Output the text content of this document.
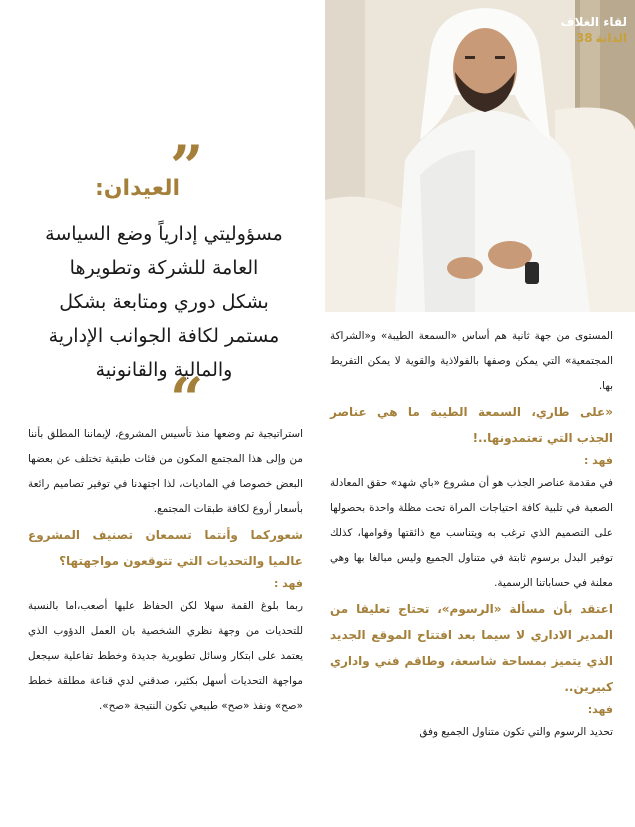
لقاء الغلاف
الدانة38
”
العيدان:
مسؤوليتي إدارياً وضع السياسة
العامة للشركة وتطويرها
بشكل دوري ومتابعة بشكل
مستمر لكافة الجوانب الإدارية
والمالية والقانونية
“

المستوى من جهة ثانية هم أساس «السمعة الطيبة» و«الشراكة المجتمعية» التي يمكن وصفها بالفولاذية والقوية لا يمكن التفريط بها.

«على طاري، السمعة الطيبة ما هي عناصر الجذب التي تعتمدونها..!

فهد :

في مقدمة عناصر الجذب هو أن مشروع «باي شهد» حقق المعادلة الصعبة في تلبية كافة احتياجات المراة تحت مظلة واحدة بحصولها على التصميم الذي ترغب به ويتناسب مع ذائقتها وقوامها، كذلك توفير البدل برسوم ثابتة في متناول الجميع وليس مبالغا بها وهي معلنة في حساباتنا الرسمية.

اعتقد بأن مسألة «الرسوم»، تحتاج تعليقا من المدير الاداري لا سيما بعد افتتاح الموقع الجديد الذي يتميز بمساحة شاسعة، وطاقم فني واداري كبيرين..

فهد:

تحديد الرسوم والتي تكون متناول الجميع وفق

استراتيجية تم وضعها منذ تأسيس المشروع، لإيماننا المطلق بأننا من وإلى هذا المجتمع المكون من فئات طبقية تختلف عن بعضها البعض خصوصا في الماديات، لذا اجتهدنا في توفير تصاميم رائعة بأسعار أروع لكافة طبقات المجتمع.

شعوركما وأنتما تسمعان تصنيف المشروع عالميا والتحديات التي تتوقعون مواجهتها؟

فهد :

ربما بلوغ القمة سهلا لكن الحفاظ عليها أصعب،اما بالنسبة للتحديات من وجهة نظري الشخصية بان العمل الدؤوب الذي يعتمد على ابتكار وسائل تطويرية جديدة وخطط تفاعلية سيجعل مواجهة التحديات أسهل بكثير، صدقني لدي قناعة مطلقة خطط «صح» ونفذ «صح» طبيعي تكون النتيجة «صح».
